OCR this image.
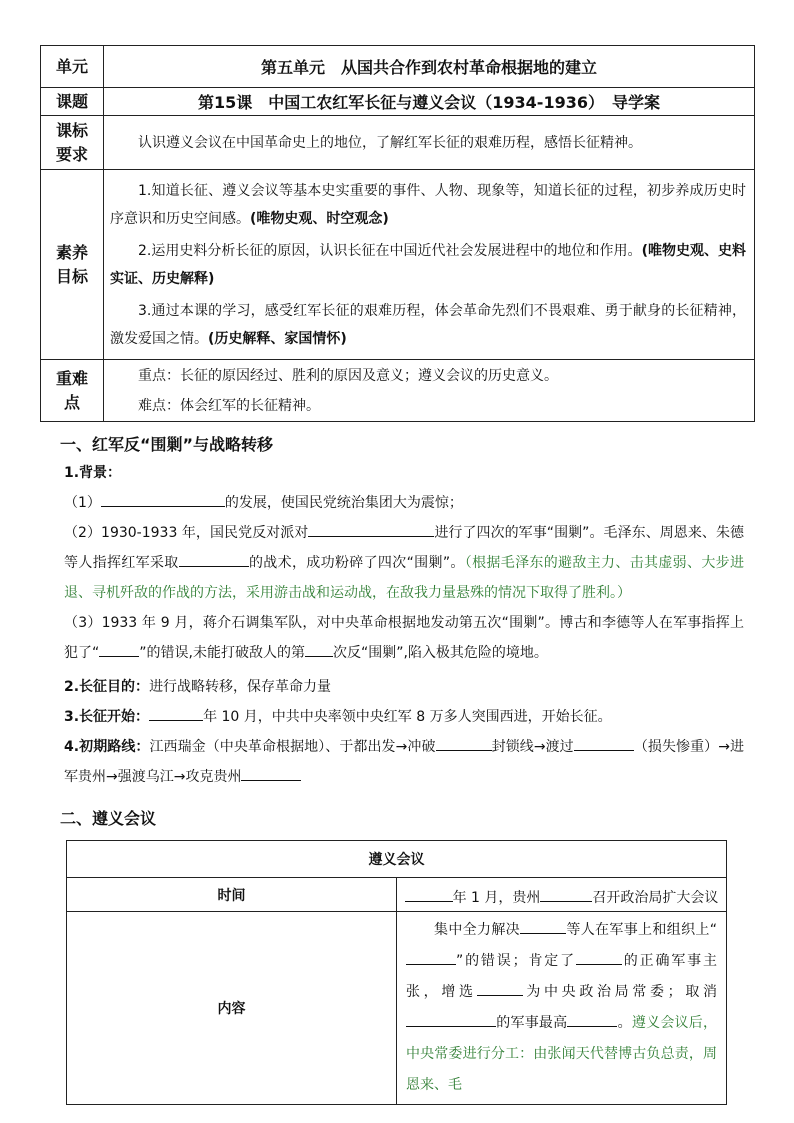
单元	第五单元　从国共合作到农村革命根据地的建立
课题	第15课　中国工农红军长征与遵义会议（1934-1936）　导学案
课标要求	认识遵义会议在中国革命史上的地位，了解红军长征的艰难历程，感悟长征精神。

素养目标	1.知道长征、遵义会议等基本史实重要的事件、人物、现象等，知道长征的过程，初步养成历史时序意识和历史空间感。(唯物史观、时空观念)
2.运用史料分析长征的原因，认识长征在中国近代社会发展进程中的地位和作用。(唯物史观、史料实证、历史解释)
3.通过本课的学习，感受红军长征的艰难历程，体会革命先烈们不畏艰难、勇于献身的长征精神，激发爱国之情。(历史解释、家国情怀)

重难点	重点：长征的原因经过、胜利的原因及意义；遵义会议的历史意义。
难点：体会红军的长征精神。
一、红军反“围剿”与战略转移
1.背景：
（1）	的发展，使国民党统治集团大为震惊；
（2）1930-1933 年，国民党反对派对	进行了四次的军事“围剿”。毛泽东、周恩来、朱德等人指挥红军采取	的战术，成功粉碎了四次“围剿”。（根据毛泽东的避敌主力、击其虚弱、大步进退、寻机歼敌的作战的方法，采用游击战和运动战，在敌我力量悬殊的情况下取得了胜利。）
（3）1933 年 9 月，蒋介石调集军队，对中央革命根据地发动第五次“围剿”。博古和李德等人在军事指挥上犯了“	”的错误,未能打破敌人的第 次反“围剿”,陷入极其危险的境地。
2.长征目的：进行战略转移，保存革命力量
3.长征开始：	年 10 月，中共中央率领中央红军 8 万多人突围西进，开始长征。
4.初期路线：江西瑞金（中央革命根据地）、于都出发→冲破	封锁线→渡过	（损失惨重）→进军贵州→强渡乌江→攻克贵州
二、遵义会议
遵义会议	
时间	年 1 月，贵州 召开政治局扩大会议
内容	集中全力解决 等人在军事上和组织上“”的错误；肯定了 的正确军事主张，增选 为中央政治局常委；取消的军事最高 。遵义会议后，中央常委进行分工：由张闻天代替博古负总责，周恩来、毛
